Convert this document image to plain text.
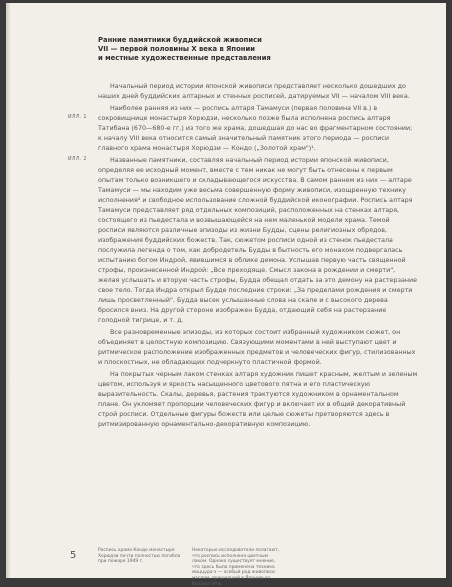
Ранние памятники буддийской живописи
VII — первой половины X века в Японии
и местные художественные представления
ИЛЛ. 1
ИЛЛ. 2

Начальный период истории японской живописи представляет несколько дошедших до наших дней буддийских алтарных и стенных росписей, датируемых VII — началом VIII века.

Наиболее ранняя из них — роспись алтаря Тамамуси (первая половина VII в.) в сокровищнице монастыря Хорюдзи, несколько позже была исполнена роспись алтаря Татибана (670—680-е гг.) из того же храма, дошедшая до нас во фрагментарном состоянии; к началу VIII века относится самый значительный памятник этого периода — росписи главного храма монастыря Хорюдзи — Кондо („Золотой храм")¹.

Названные памятники, составляя начальный период истории японской живописи, определяя ее исходный момент, вместе с тем никак не могут быть отнесены к первым опытам только возникшего и складывающегося искусства. В самом раннем из них — алтаре Тамамуси — мы находим уже весьма совершенную форму живописи, изощренную технику исполнения² и свободное использование сложной буддийской иконографии. Роспись алтаря Тамамуси представляет ряд отдельных композиций, расположенных на стенках алтаря, состоящего из пьедестала и возвышающейся на нем маленькой модели храма. Темой росписи являются различные эпизоды из жизни Будды, сцены религиозных обрядов, изображения буддийских божеств. Так, сюжетом росписи одной из стенок пьедестала послужила легенда о том, как добродетель Будды в бытность его монахом подвергалась испытанию богом Индрой, явившимся в облике демона. Услышав первую часть священной строфы, произнесенной Индрой: „Все преходяще. Смысл закона в рождении и смерти", желая услышать и вторую часть строфы, Будда обещал отдать за это демону на растерзание свое тело. Тогда Индра открыл Будде последние строки: „За пределами рождения и смерти лишь просветленный". Будда высек услышанные слова на скале и с высокого дерева бросился вниз. На другой стороне изображен Будда, отдающий себя на растерзание голодной тигрице, и т. д.

Все разновременные эпизоды, из которых состоит избранный художником сюжет, он объединяет в целостную композицию. Связующими моментами в ней выступают цвет и ритмическое расположение изображенных предметов и человеческих фигур, стилизованных и плоскостных, не обладающих подчеркнуто пластичной формой.

На покрытых черным лаком стенках алтаря художник пишет красным, желтым и зеленым цветом, используя и яркость насыщенного цветового пятна и его пластическую выразительность. Скалы, деревья, растения трактуются художником в орнаментальном плане. Он укломяет пропорции человеческих фигур и включает их в общий декоративный строй росписи. Отдельные фигуры божеств или целые сюжеты претворяются здесь в ритмизированную орнаментально-декоративную композицию.

5	Роспись храма Кондо монастыря Хорюдзи почти полностью погибла при пожаре 1949 г.
Некоторые исследователи полагают, что роспись исполнена цветным лаком. Однако существует мнение, что здесь была применена техника миццуда-э — особый род живописи маслом, пришедший в Японию из Китая в VII в.
